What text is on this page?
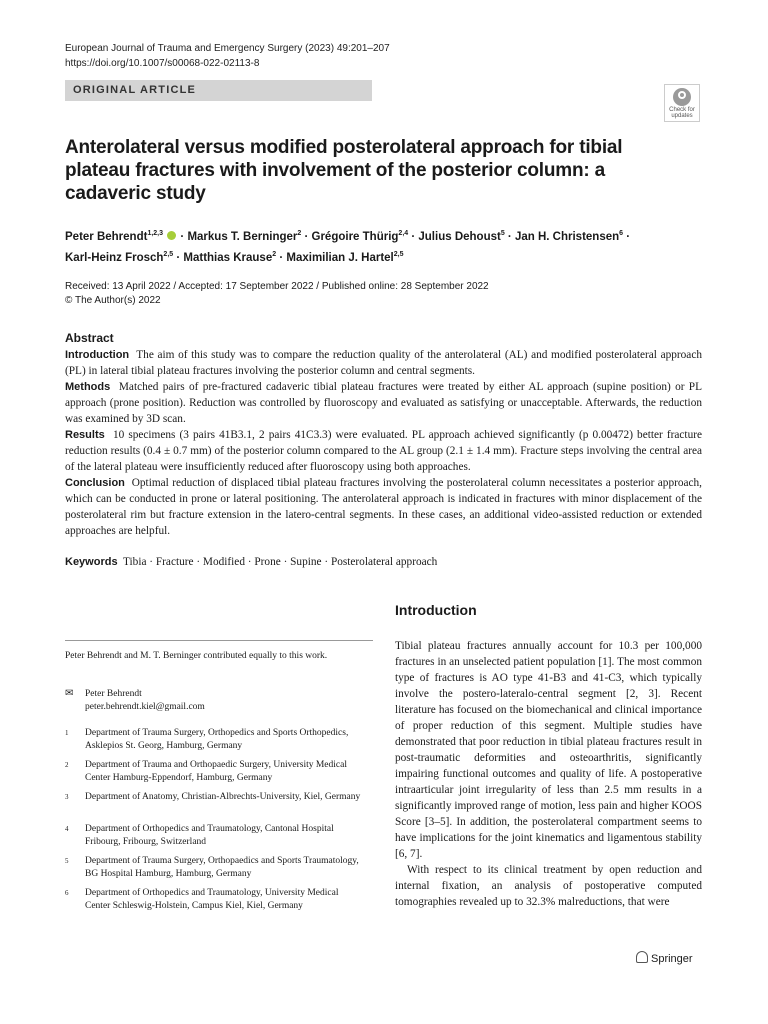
European Journal of Trauma and Emergency Surgery (2023) 49:201–207
https://doi.org/10.1007/s00068-022-02113-8
ORIGINAL ARTICLE
Check for updates
Anterolateral versus modified posterolateral approach for tibial plateau fractures with involvement of the posterior column: a cadaveric study
Peter Behrendt$^{1,2,3}$  · Markus T. Berninger$^2$ · Grégoire Thürig$^{2,4}$ · Julius Dehoust$^5$ · Jan H. Christensen$^6$ ·
Karl-Heinz Frosch$^{2,5}$ · Matthias Krause$^2$ · Maximilian J. Hartel$^{2,5}$
Received: 13 April 2022 / Accepted: 17 September 2022 / Published online: 28 September 2022
© The Author(s) 2022
Abstract

Introduction The aim of this study was to compare the reduction quality of the anterolateral (AL) and modified posterolateral approach (PL) in lateral tibial plateau fractures involving the posterior column and central segments.

Methods Matched pairs of pre-fractured cadaveric tibial plateau fractures were treated by either AL approach (supine position) or PL approach (prone position). Reduction was controlled by fluoroscopy and evaluated as satisfying or unacceptable. Afterwards, the reduction was examined by 3D scan.

Results 10 specimens (3 pairs 41B3.1, 2 pairs 41C3.3) were evaluated. PL approach achieved significantly (p 0.00472) better fracture reduction results (0.4 ± 0.7 mm) of the posterior column compared to the AL group (2.1 ± 1.4 mm). Fracture steps involving the central area of the lateral plateau were insufficiently reduced after fluoroscopy using both approaches.

Conclusion Optimal reduction of displaced tibial plateau fractures involving the posterolateral column necessitates a posterior approach, which can be conducted in prone or lateral positioning. The anterolateral approach is indicated in fractures with minor displacement of the posterolateral rim but fracture extension in the latero-central segments. In these cases, an additional video-assisted reduction or extended approaches are helpful.

Keywords Tibia · Fracture · Modified · Prone · Supine · Posterolateral approach
Introduction
Peter Behrendt and M. T. Berninger contributed equally to this work.
✉ Peter Behrendt
peter.behrendt.kiel@gmail.com
1 Department of Trauma Surgery, Orthopedics and Sports Orthopedics, Asklepios St. Georg, Hamburg, Germany
2 Department of Trauma and Orthopaedic Surgery, University Medical Center Hamburg-Eppendorf, Hamburg, Germany
3 Department of Anatomy, Christian-Albrechts-University, Kiel, Germany
4 Department of Orthopedics and Traumatology, Cantonal Hospital Fribourg, Fribourg, Switzerland
5 Department of Trauma Surgery, Orthopaedics and Sports Traumatology, BG Hospital Hamburg, Hamburg, Germany
6 Department of Orthopedics and Traumatology, University Medical Center Schleswig-Holstein, Campus Kiel, Kiel, Germany

Tibial plateau fractures annually account for 10.3 per 100,000 fractures in an unselected patient population [1]. The most common type of fractures is AO type 41-B3 and 41-C3, which typically involve the postero-lateralo-central segment [2, 3]. Recent literature has focused on the biomechanical and clinical importance of proper reduction of this segment. Multiple studies have demonstrated that poor reduction in tibial plateau fractures result in post-traumatic deformities and osteoarthritis, significantly impairing functional outcomes and quality of life. A postoperative intraarticular joint irregularity of less than 2.5 mm results in a significantly improved range of motion, less pain and higher KOOS Score [3–5]. In addition, the posterolateral compartment seems to have implications for the joint kinematics and ligamentous stability [6, 7].

With respect to its clinical treatment by open reduction and internal fixation, an analysis of postoperative computed tomographies revealed up to 32.3% malreductions, that were

Springer
